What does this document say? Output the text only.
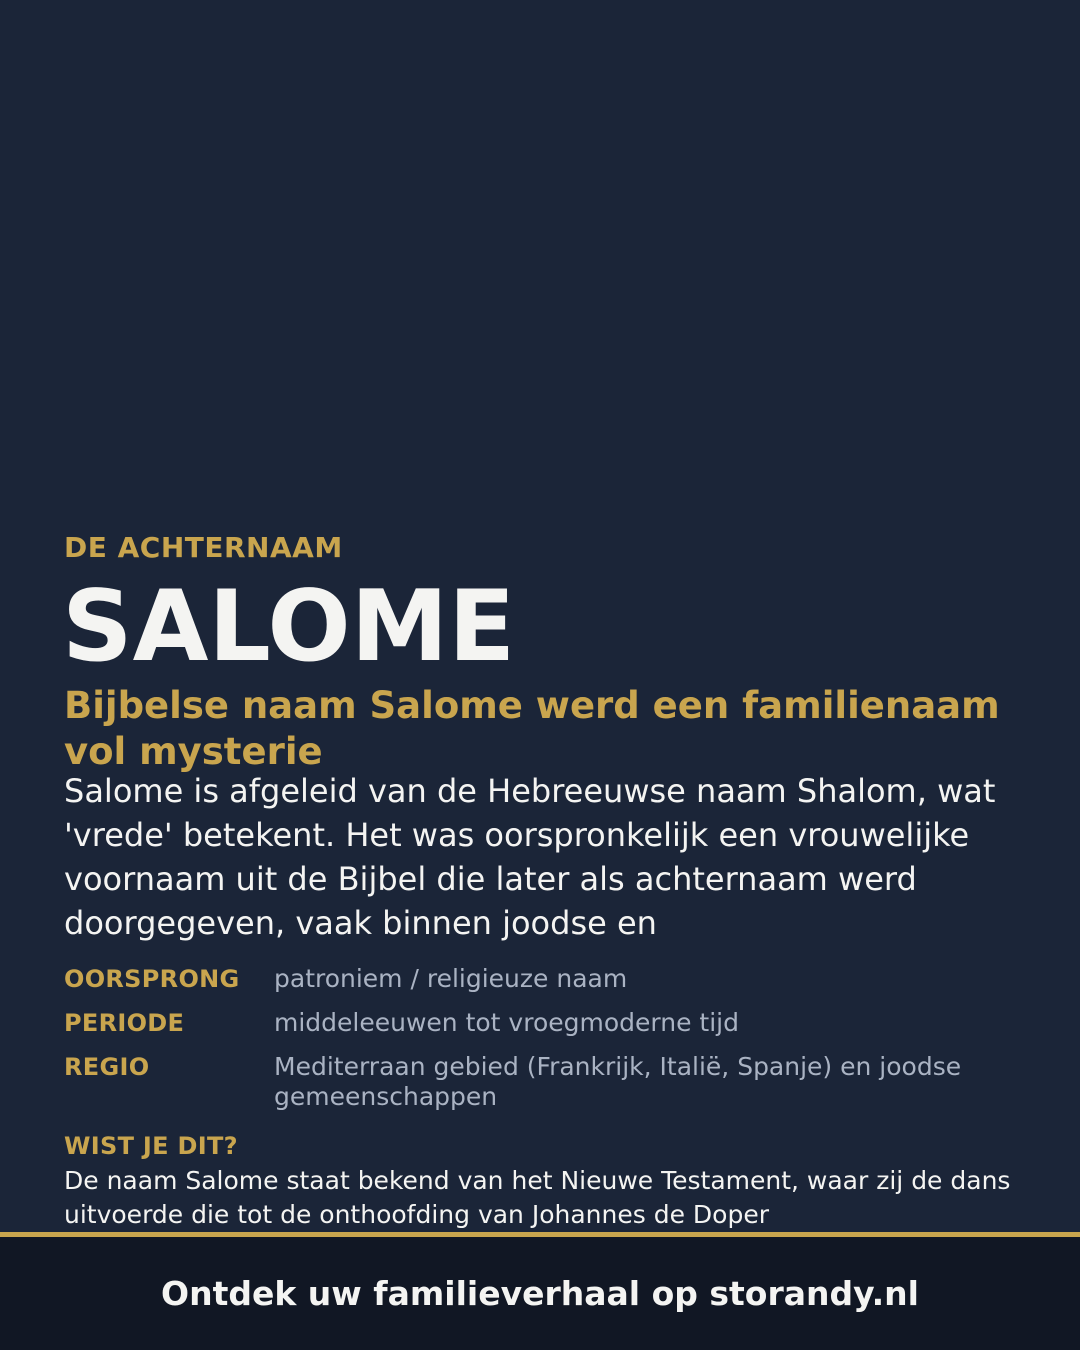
DE ACHTERNAAM
SALOME
Bijbelse naam Salome werd een familienaam vol mysterie
Salome is afgeleid van de Hebreeuwse naam Shalom, wat 'vrede' betekent. Het was oorspronkelijk een vrouwelijke voornaam uit de Bijbel die later als achternaam werd doorgegeven, vaak binnen joodse en
OORSPRONG	patroniem / religieuze naam
PERIODE	middeleeuwen tot vroegmoderne tijd
REGIO	Mediterraan gebied (Frankrijk, Italië, Spanje) en joodse gemeenschappen
WIST JE DIT?
De naam Salome staat bekend van het Nieuwe Testament, waar zij de dans uitvoerde die tot de onthoofding van Johannes de Doper
Ontdek uw familieverhaal op storandy.nl
